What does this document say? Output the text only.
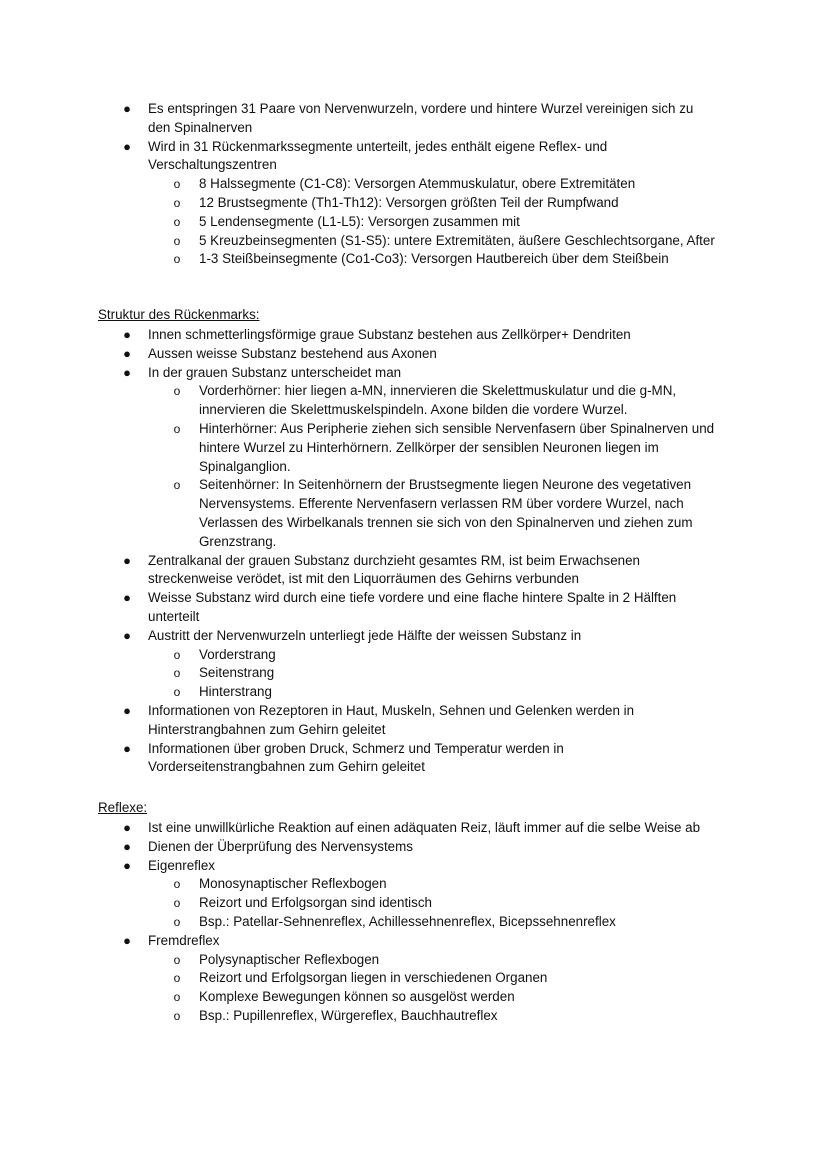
● Es entspringen 31 Paare von Nervenwurzeln, vordere und hintere Wurzel vereinigen sich zu den Spinalnerven
● Wird in 31 Rückenmarkssegmente unterteilt, jedes enthält eigene Reflex- und Verschaltungszentren
o 8 Halssegmente (C1-C8): Versorgen Atemmuskulatur, obere Extremitäten
o 12 Brustsegmente (Th1-Th12): Versorgen größten Teil der Rumpfwand
o 5 Lendensegmente (L1-L5): Versorgen zusammen mit
o 5 Kreuzbeinsegmenten (S1-S5): untere Extremitäten, äußere Geschlechtsorgane, After
o 1-3 Steißbeinsegmente (Co1-Co3): Versorgen Hautbereich über dem Steißbein
Struktur des Rückenmarks:
● Innen schmetterlingsförmige graue Substanz bestehen aus Zellkörper+ Dendriten
● Aussen weisse Substanz bestehend aus Axonen
● In der grauen Substanz unterscheidet man
o Vorderhörner: hier liegen a-MN, innervieren die Skelettmuskulatur und die g-MN, innervieren die Skelettmuskelspindeln. Axone bilden die vordere Wurzel.
o Hinterhörner: Aus Peripherie ziehen sich sensible Nervenfasern über Spinalnerven und hintere Wurzel zu Hinterhörnern. Zellkörper der sensiblen Neuronen liegen im Spinalganglion.
o Seitenhörner: In Seitenhörnern der Brustsegmente liegen Neurone des vegetativen Nervensystems. Efferente Nervenfasern verlassen RM über vordere Wurzel, nach Verlassen des Wirbelkanals trennen sie sich von den Spinalnerven und ziehen zum Grenzstrang.
● Zentralkanal der grauen Substanz durchzieht gesamtes RM, ist beim Erwachsenen streckenweise verödet, ist mit den Liquorräumen des Gehirns verbunden
● Weisse Substanz wird durch eine tiefe vordere und eine flache hintere Spalte in 2 Hälften unterteilt
● Austritt der Nervenwurzeln unterliegt jede Hälfte der weissen Substanz in
o Vorderstrang
o Seitenstrang
o Hinterstrang
● Informationen von Rezeptoren in Haut, Muskeln, Sehnen und Gelenken werden in Hinterstrangbahnen zum Gehirn geleitet
● Informationen über groben Druck, Schmerz und Temperatur werden in Vorderseitenstrangbahnen zum Gehirn geleitet
Reflexe:
● Ist eine unwillkürliche Reaktion auf einen adäquaten Reiz, läuft immer auf die selbe Weise ab
● Dienen der Überprüfung des Nervensystems
● Eigenreflex
o Monosynaptischer Reflexbogen
o Reizort und Erfolgsorgan sind identisch
o Bsp.: Patellar-Sehnenreflex, Achillessehnenreflex, Bicepssehnenreflex
● Fremdreflex
o Polysynaptischer Reflexbogen
o Reizort und Erfolgsorgan liegen in verschiedenen Organen
o Komplexe Bewegungen können so ausgelöst werden
o Bsp.: Pupillenreflex, Würgereflex, Bauchhautreflex
